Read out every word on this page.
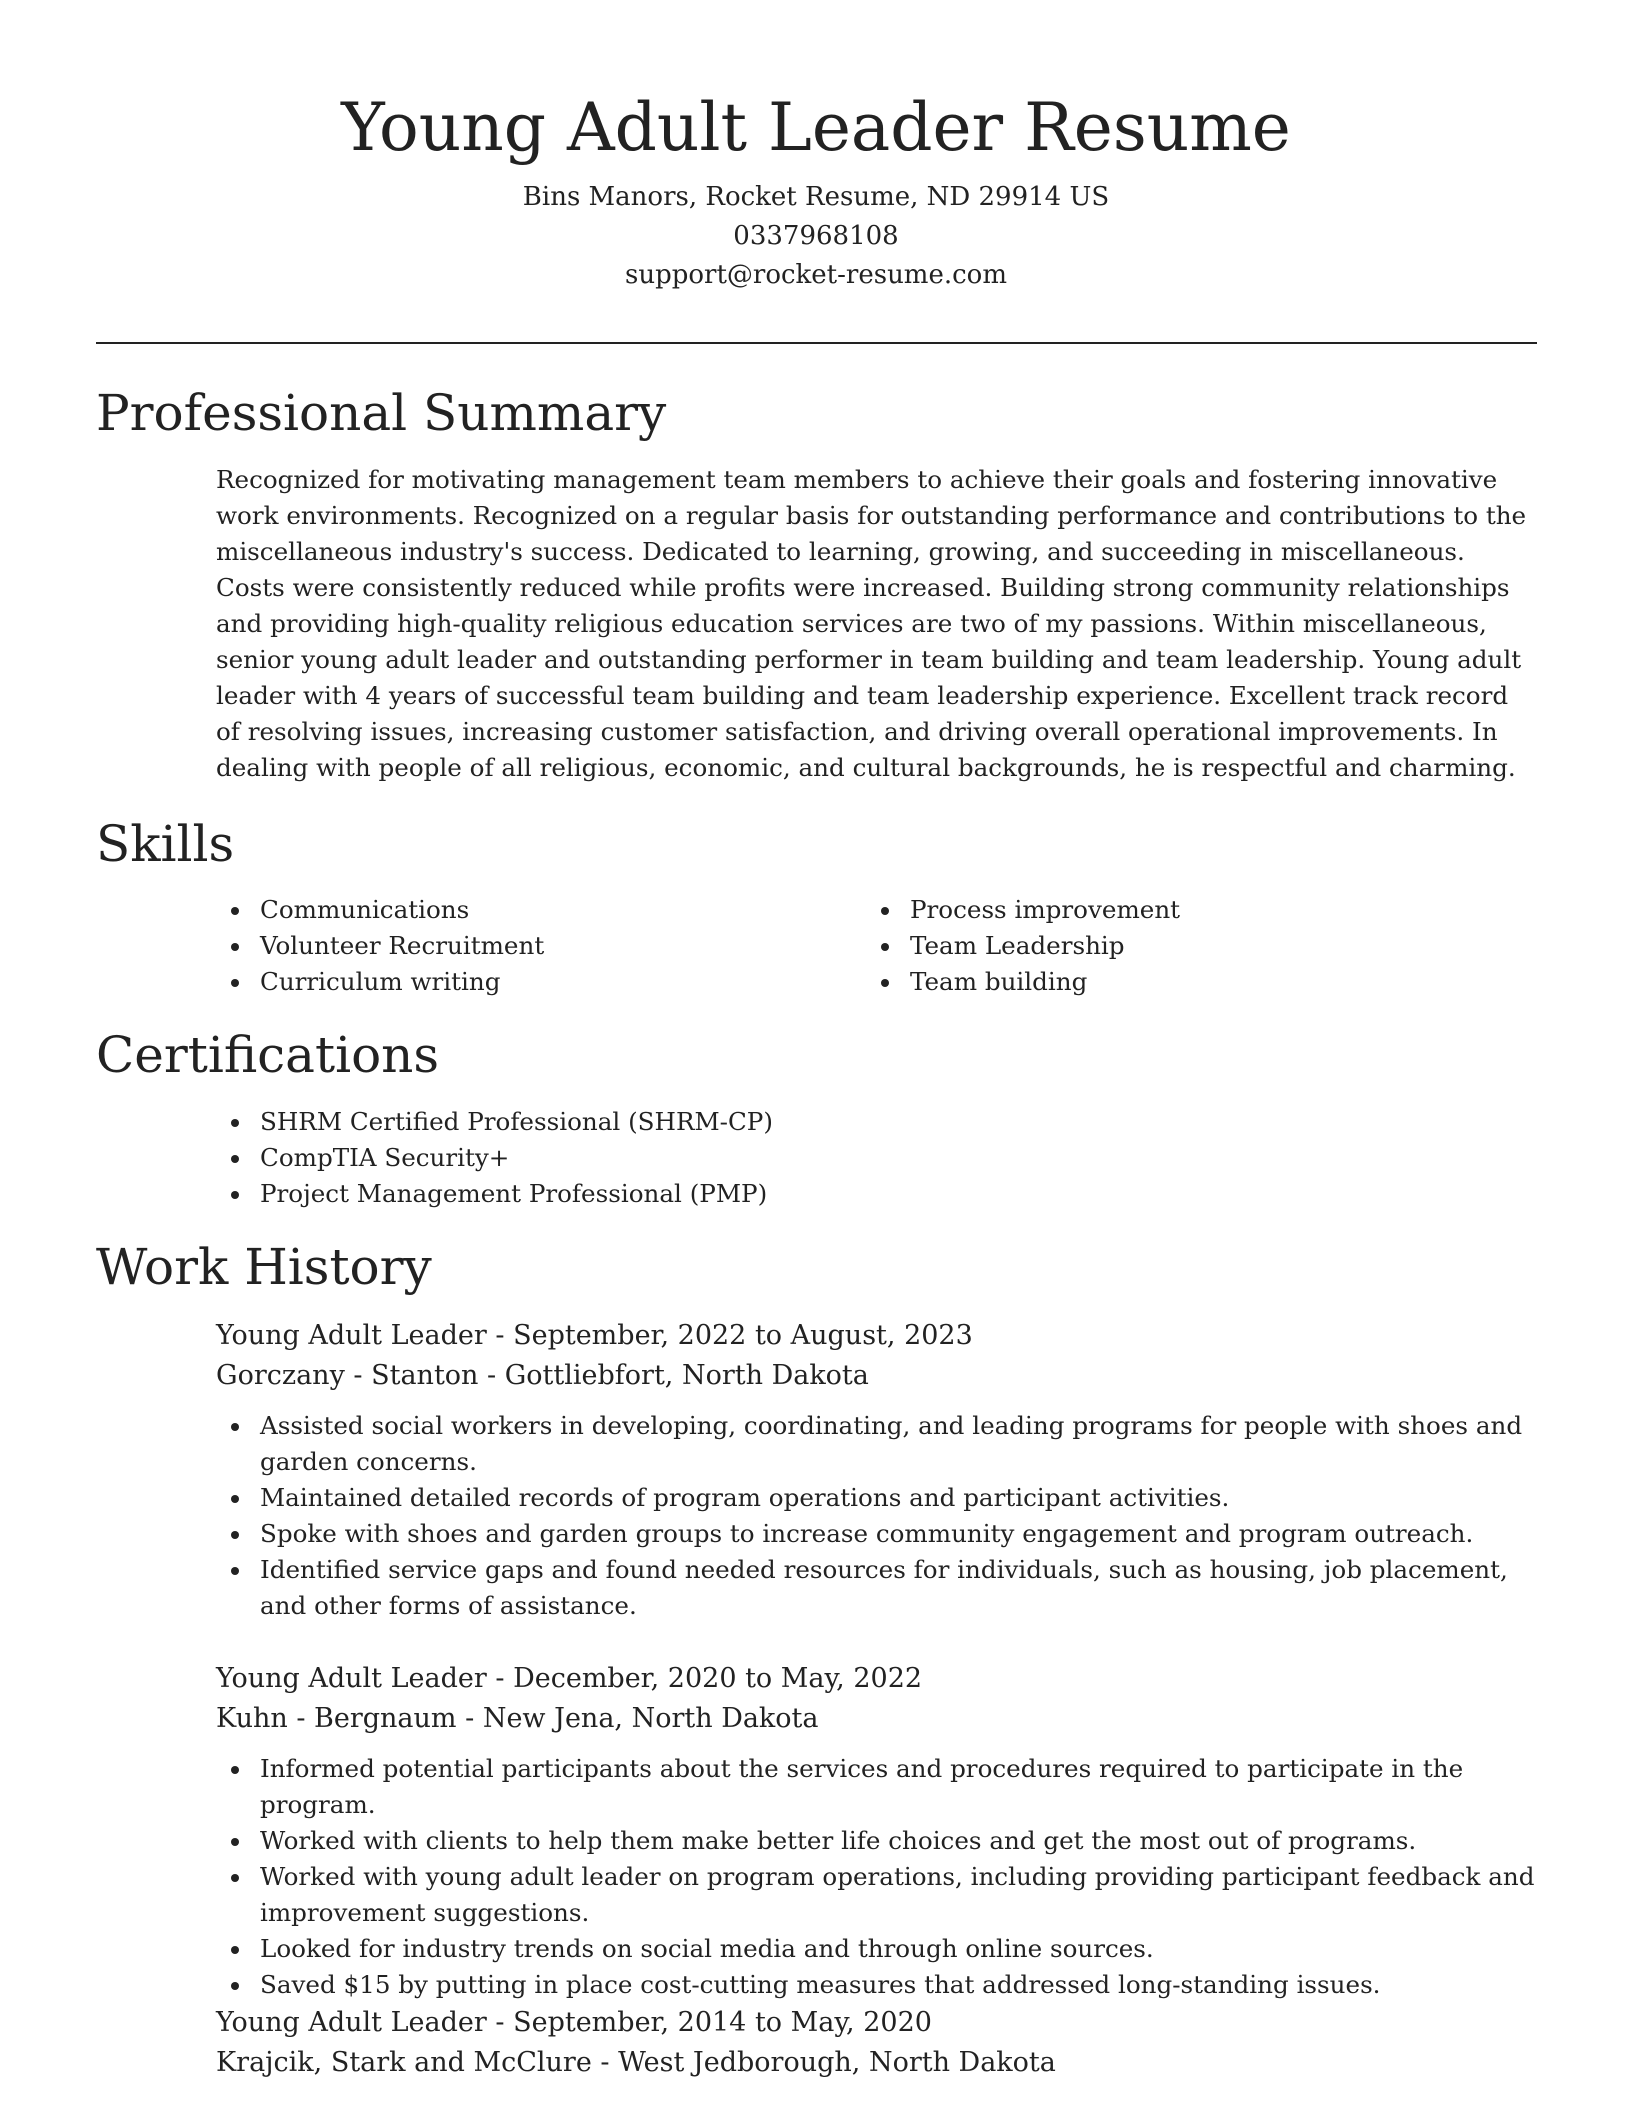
Young Adult Leader Resume

Bins Manors, Rocket Resume, ND 29914 US

0337968108

support@rocket-resume.com

Professional Summary

Recognized for motivating management team members to achieve their goals and fostering innovative work environments. Recognized on a regular basis for outstanding performance and contributions to the miscellaneous industry's success. Dedicated to learning, growing, and succeeding in miscellaneous. Costs were consistently reduced while profits were increased. Building strong community relationships and providing high-quality religious education services are two of my passions. Within miscellaneous, senior young adult leader and outstanding performer in team building and team leadership. Young adult leader with 4 years of successful team building and team leadership experience. Excellent track record of resolving issues, increasing customer satisfaction, and driving overall operational improvements. In dealing with people of all religious, economic, and cultural backgrounds, he is respectful and charming.

Skills
Communications
Volunteer Recruitment
Curriculum writing
Process improvement
Team Leadership
Team building
Certifications
SHRM Certified Professional (SHRM-CP)
CompTIA Security+
Project Management Professional (PMP)
Work History

Young Adult Leader - September, 2022 to August, 2023

Gorczany - Stanton - Gottliebfort, North Dakota

Assisted social workers in developing, coordinating, and leading programs for people with shoes and garden concerns.
Maintained detailed records of program operations and participant activities.
Spoke with shoes and garden groups to increase community engagement and program outreach.
Identified service gaps and found needed resources for individuals, such as housing, job placement, and other forms of assistance.

Young Adult Leader - December, 2020 to May, 2022

Kuhn - Bergnaum - New Jena, North Dakota

Informed potential participants about the services and procedures required to participate in the program.
Worked with clients to help them make better life choices and get the most out of programs.
Worked with young adult leader on program operations, including providing participant feedback and improvement suggestions.
Looked for industry trends on social media and through online sources.
Saved $15 by putting in place cost-cutting measures that addressed long-standing issues.

Young Adult Leader - September, 2014 to May, 2020

Krajcik, Stark and McClure - West Jedborough, North Dakota
